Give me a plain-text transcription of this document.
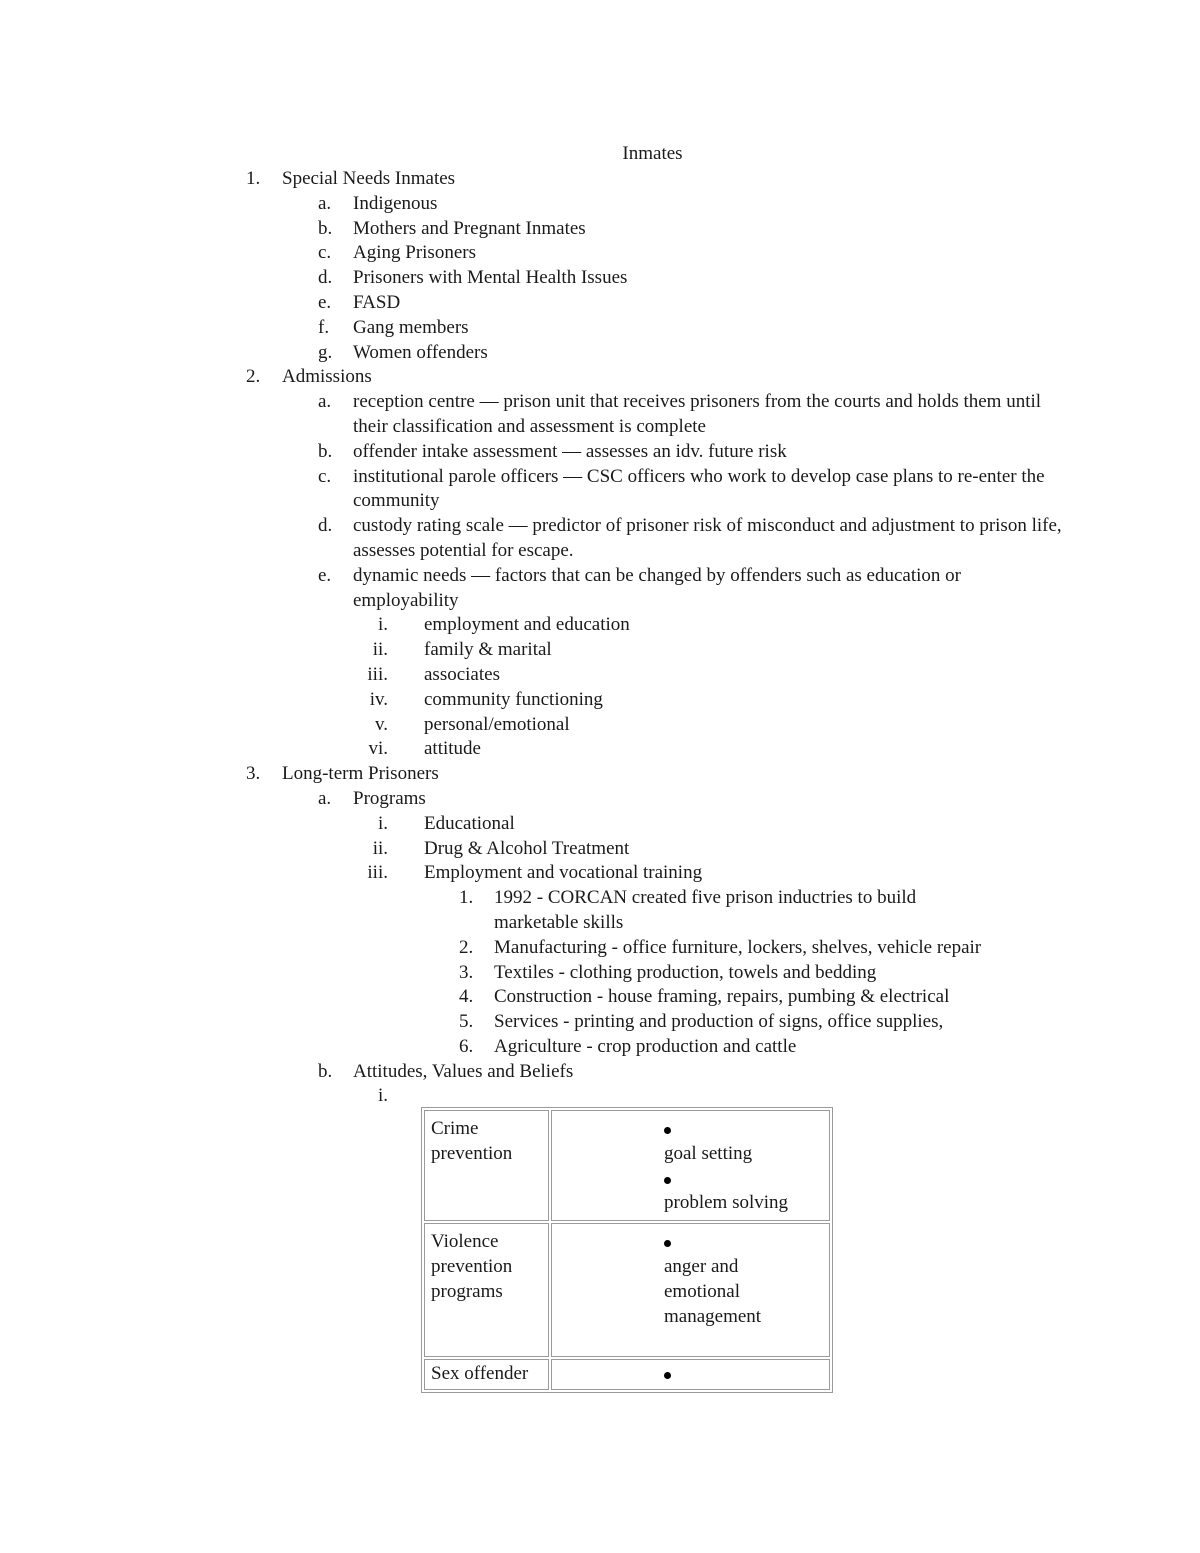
Inmates
1. Special Needs Inmates
a. Indigenous
b. Mothers and Pregnant Inmates
c. Aging Prisoners
d. Prisoners with Mental Health Issues
e. FASD
f. Gang members
g. Women offenders
2. Admissions
a. reception centre — prison unit that receives prisoners from the courts and holds them until their classification and assessment is complete
b. offender intake assessment — assesses an idv. future risk
c. institutional parole officers — CSC officers who work to develop case plans to re-enter the community
d. custody rating scale — predictor of prisoner risk of misconduct and adjustment to prison life, assesses potential for escape.
e. dynamic needs — factors that can be changed by offenders such as education or employability
i. employment and education
ii. family & marital
iii. associates
iv. community functioning
v. personal/emotional
vi. attitude
3. Long-term Prisoners
a. Programs
i. Educational
ii. Drug & Alcohol Treatment
iii. Employment and vocational training
1. 1992 - CORCAN created five prison inductries to build marketable skills
2. Manufacturing - office furniture, lockers, shelves, vehicle repair
3. Textiles - clothing production, towels and bedding
4. Construction - house framing, repairs, pumbing & electrical
5. Services - printing and production of signs, office supplies,
6. Agriculture - crop production and cattle
b. Attitudes, Values and Beliefs
i.
Crime prevention	goal setting
problem solving

Violence prevention programs	anger and emotional management

Sex offender	
